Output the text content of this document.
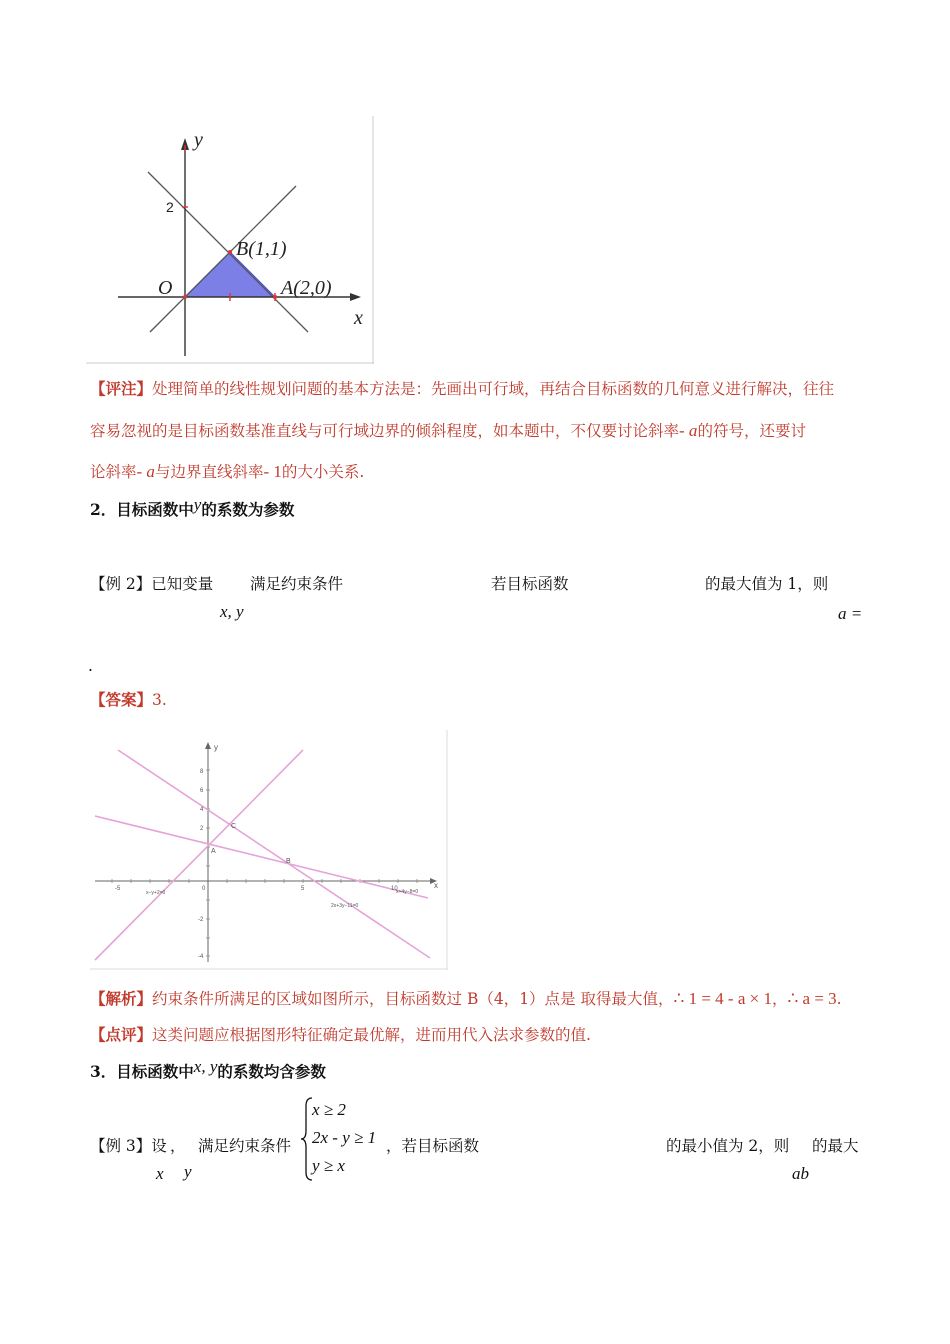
y
x
2
O
B(1,1)
A(2,0)
【评注】处理简单的线性规划问题的基本方法是：先画出可行域，再结合目标函数的几何意义进行解决，往往
容易忽视的是目标函数基准直线与可行域边界的倾斜程度，如本题中，不仅要讨论斜率- a的符号，还要讨
论斜率- a与边界直线斜率- 1的大小关系.
2．目标函数中y的系数为参数
【例 2】已知变量 满足约束条件	若目标函数	的最大值为 1，则
x, y	a =
.
【答案】3.
y
x
A
B
C
x−y+2=0
2x+3y−11=0
x+4y−8=0
-5	0	5	10
8
6
4
2
-2
-4
【解析】约束条件所满足的区域如图所示，目标函数过 B（4，1）点是 取得最大值，∴ 1 = 4 - a × 1，∴ a = 3.
【点评】这类问题应根据图形特征确定最优解，进而用代入法求参数的值.
3．目标函数中x, y的系数均含参数
【例 3】设 ， 满足约束条件
x ≥ 2
2x - y ≥ 1
y ≥ x
，若目标函数	的最小值为 2，则 的最大
x y	ab
